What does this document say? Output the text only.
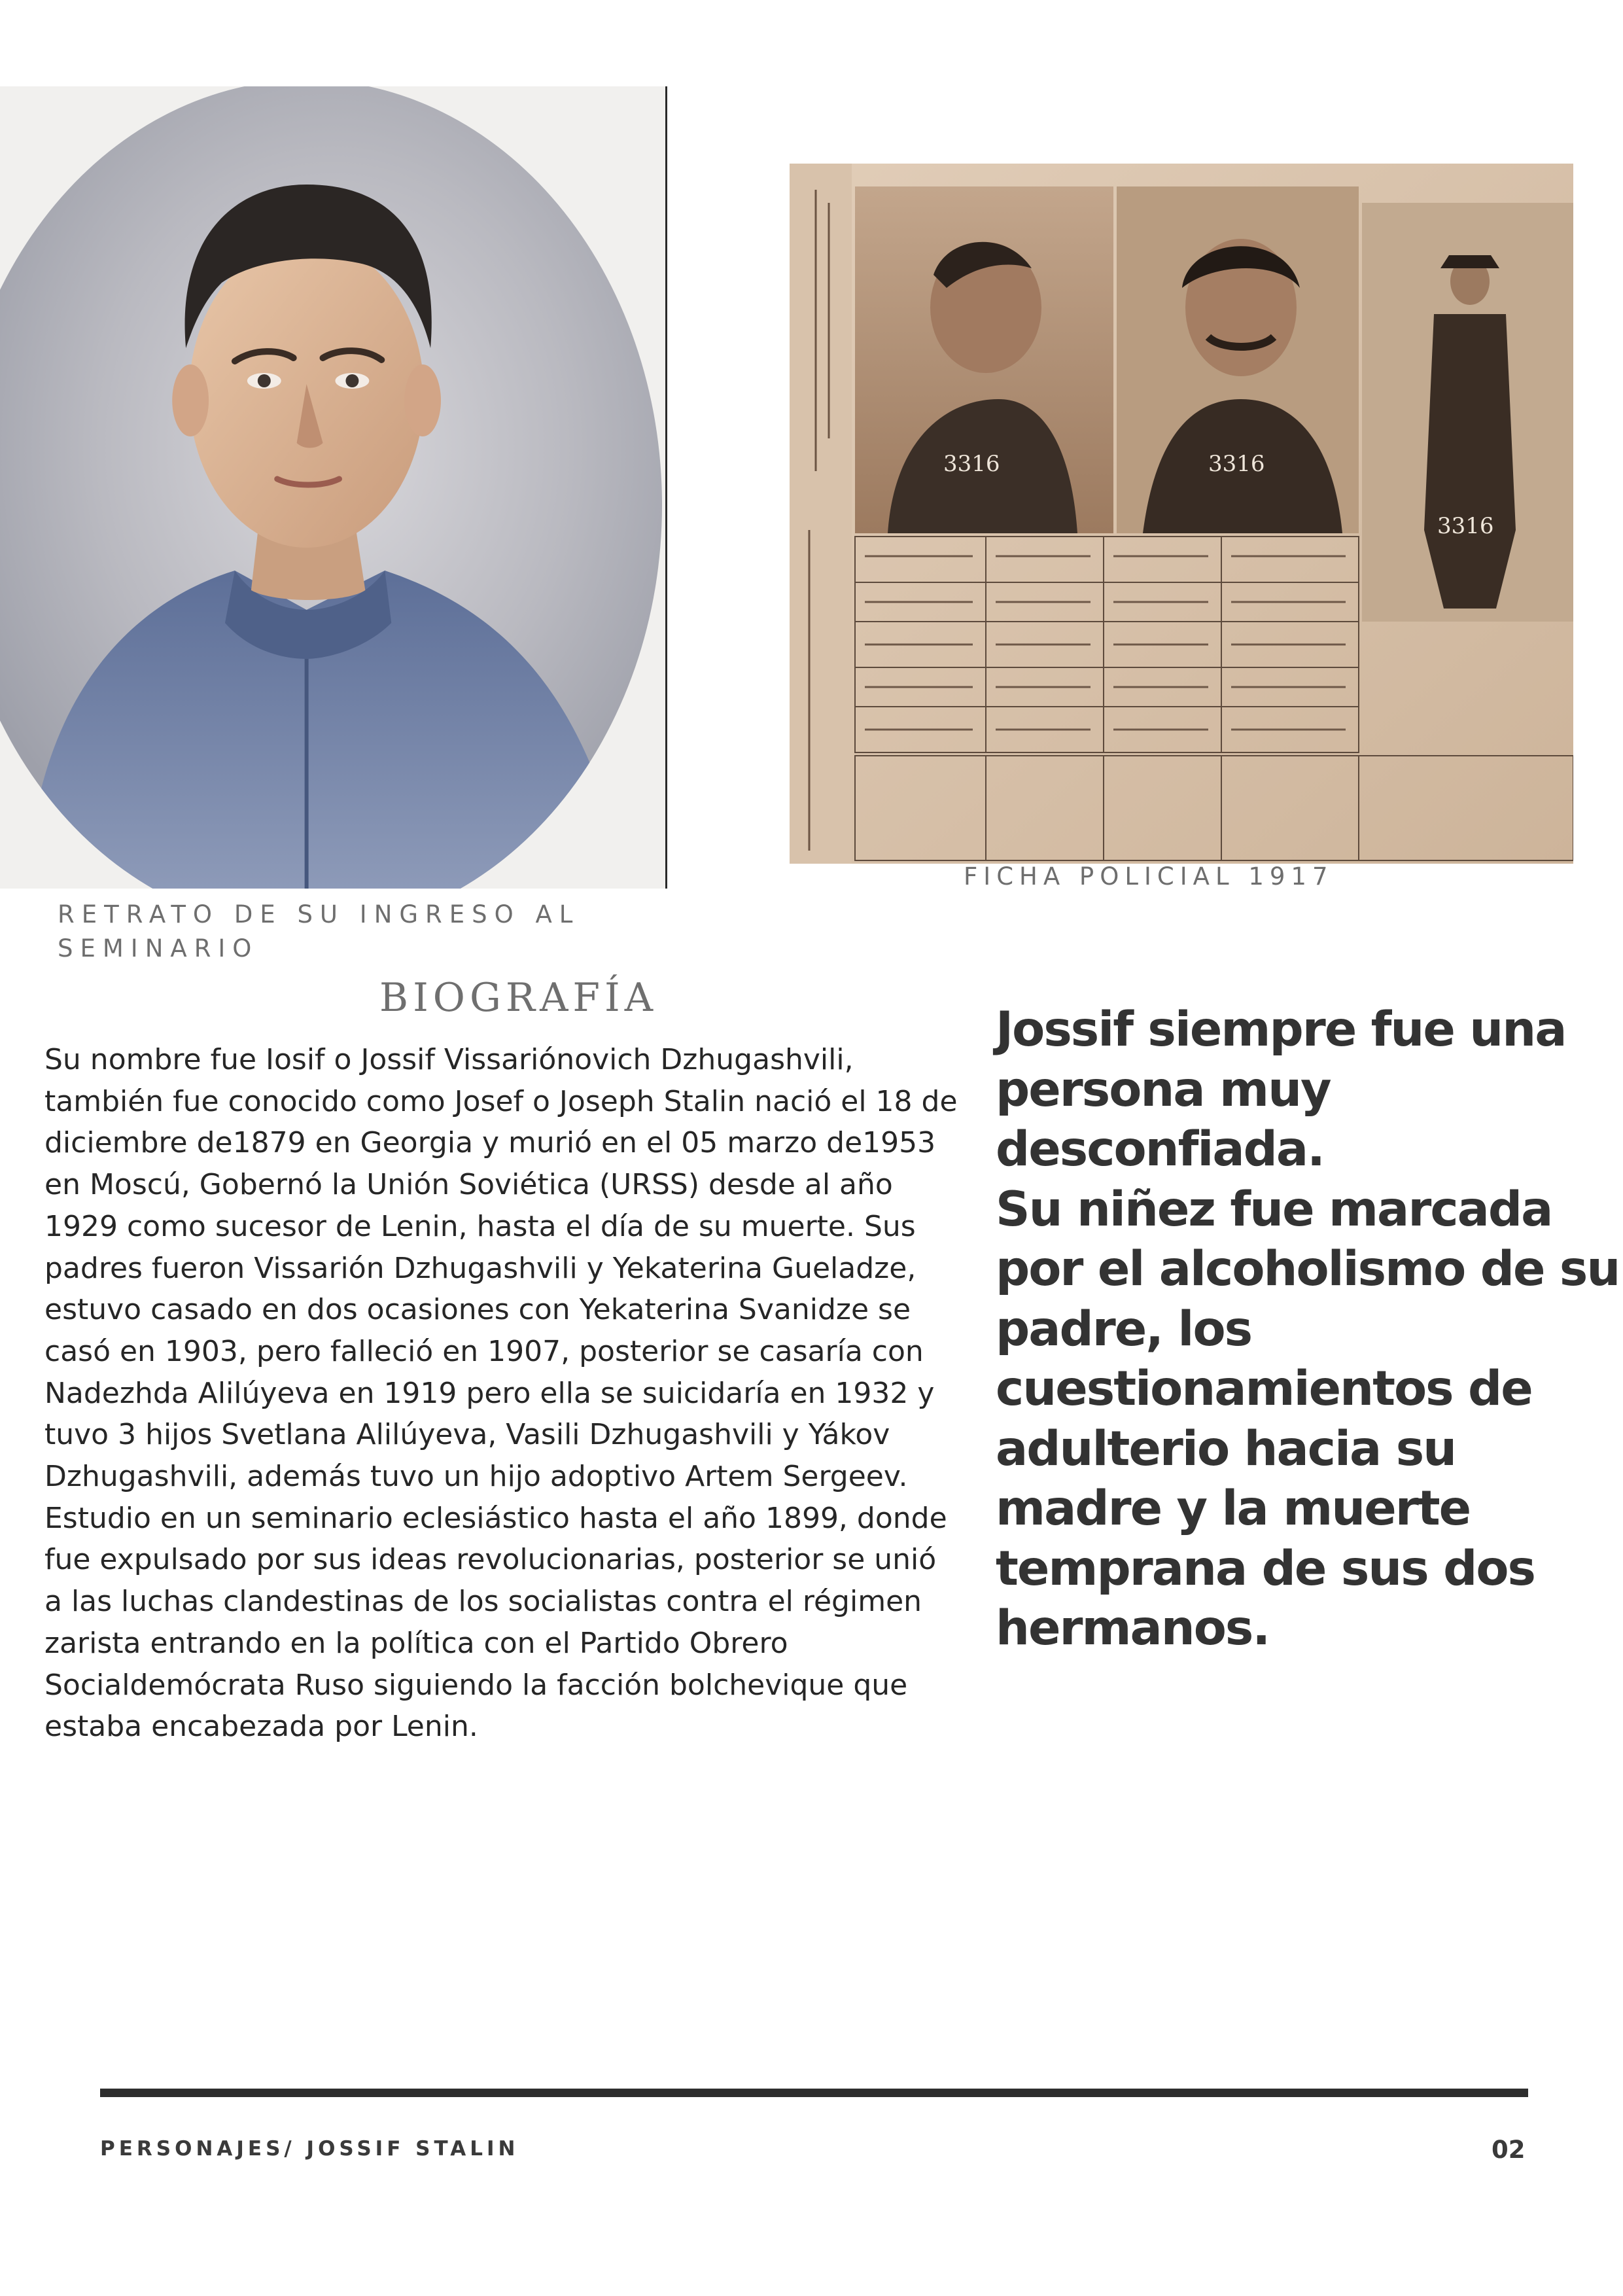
RETRATO DE SU INGRESO AL SEMINARIO
3316	3316
3316
FICHA POLICIAL 1917
BIOGRAFÍA
Su nombre fue Iosif o Jossif Vissariónovich Dzhugashvili, también fue conocido como Josef o Joseph Stalin nació el 18 de diciembre de1879 en Georgia y murió en el 05 marzo de1953 en Moscú, Gobernó la Unión Soviética (URSS) desde al año 1929 como sucesor de Lenin, hasta el día de su muerte. Sus padres fueron Vissarión Dzhugashvili y Yekaterina Gueladze, estuvo casado en dos ocasiones con Yekaterina Svanidze se casó en 1903, pero falleció en 1907, posterior se casaría con Nadezhda Alilúyeva en 1919 pero ella se suicidaría en 1932 y tuvo 3 hijos Svetlana Alilúyeva, Vasili Dzhugashvili y Yákov Dzhugashvili, además tuvo un hijo adoptivo Artem Sergeev.
Estudio en un seminario eclesiástico hasta el año 1899, donde fue expulsado por sus ideas revolucionarias, posterior se unió a las luchas clandestinas de los socialistas contra el régimen zarista entrando en la política con el Partido Obrero Socialdemócrata Ruso siguiendo la facción bolchevique que estaba encabezada por Lenin.
Jossif siempre fue una persona muy desconfiada.
Su niñez fue marcada por el alcoholismo de su padre, los cuestionamientos de adulterio hacia su madre y la muerte temprana de sus dos hermanos.
PERSONAJES/ JOSSIF STALIN	02
